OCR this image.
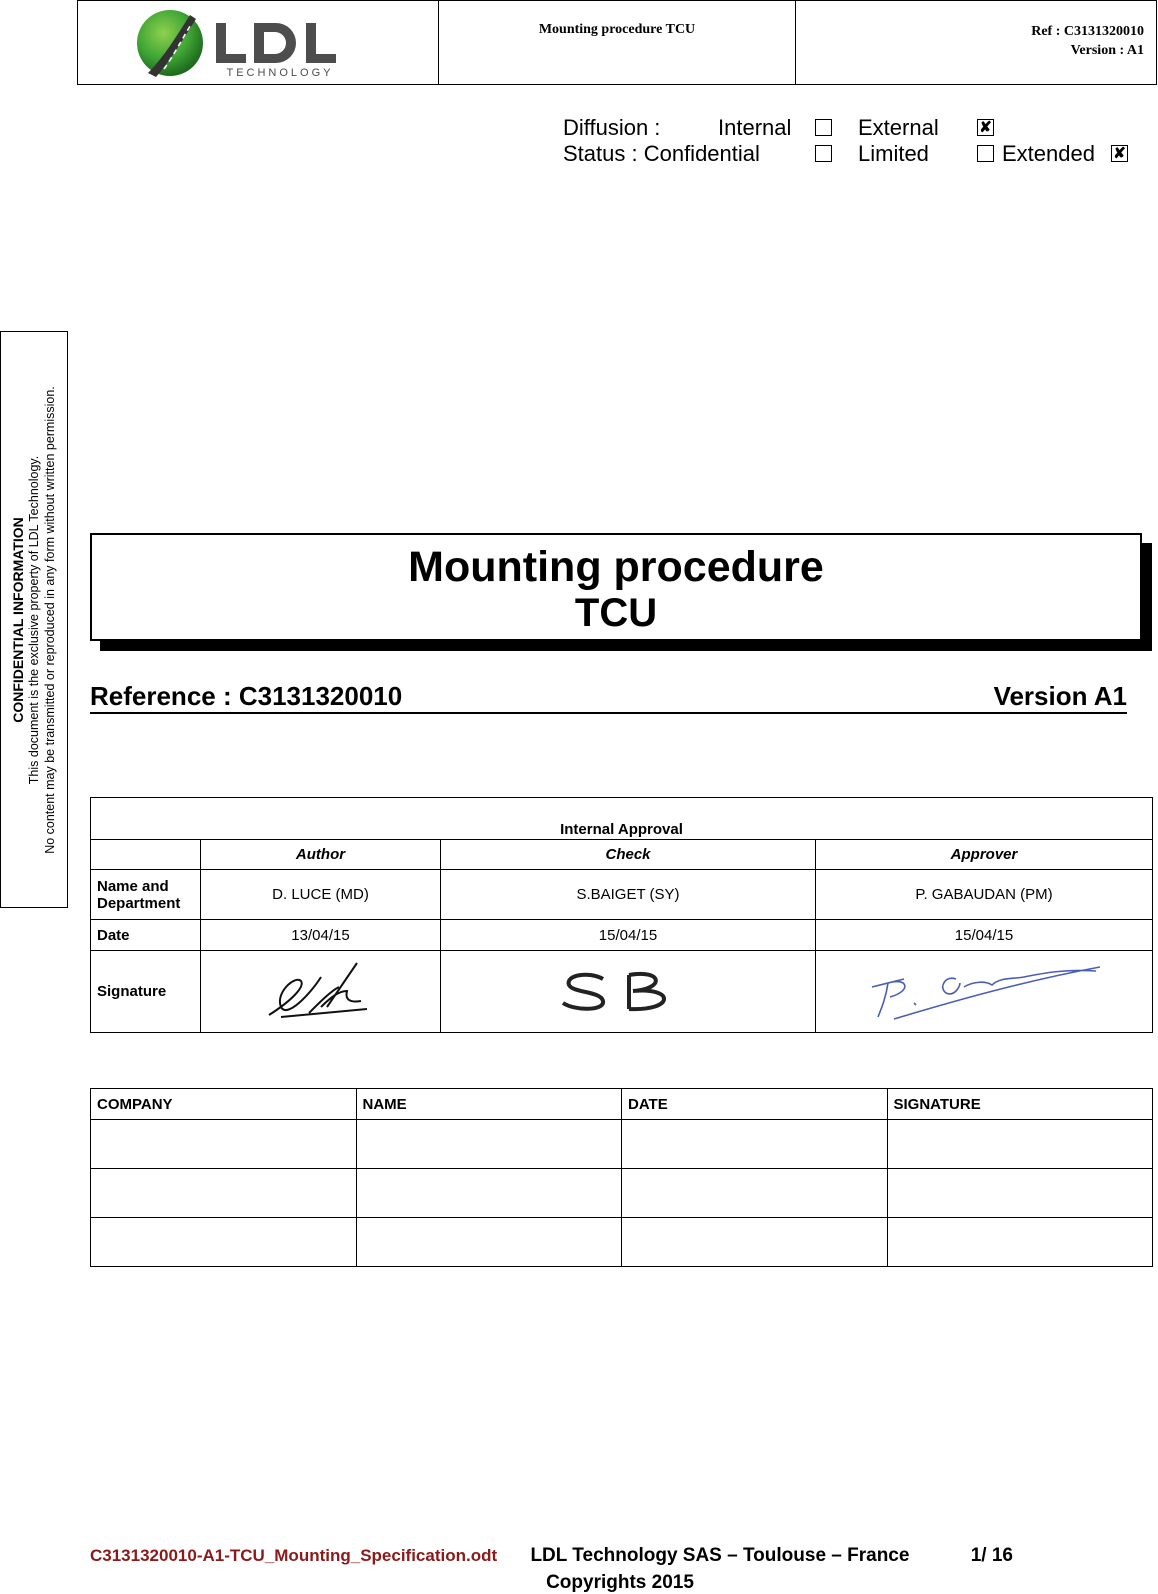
TECHNOLOGY
Mounting procedure TCU	Ref : C3131320010
Version : A1
Diffusion :	Internal	External	✘
Status : Confidential	Limited	Extended ✘
CONFIDENTIAL INFORMATION This document is the exclusive property of LDL Technology. No content may be transmitted or reproduced in any form without written permission.	Mounting procedure
TCU
Reference : C3131320010	Version A1
Internal Approval			
	Author	Check	Approver
Name and Department	D. LUCE (MD)	S.BAIGET (SY)	P. GABAUDAN (PM)
Date	13/04/15	15/04/15	15/04/15
Signature			
COMPANY	NAME	DATE	SIGNATURE

C3131320010-A1-TCU_Mounting_Specification.odt LDL Technology SAS – Toulouse – France	1/ 16
Copyrights 2015
